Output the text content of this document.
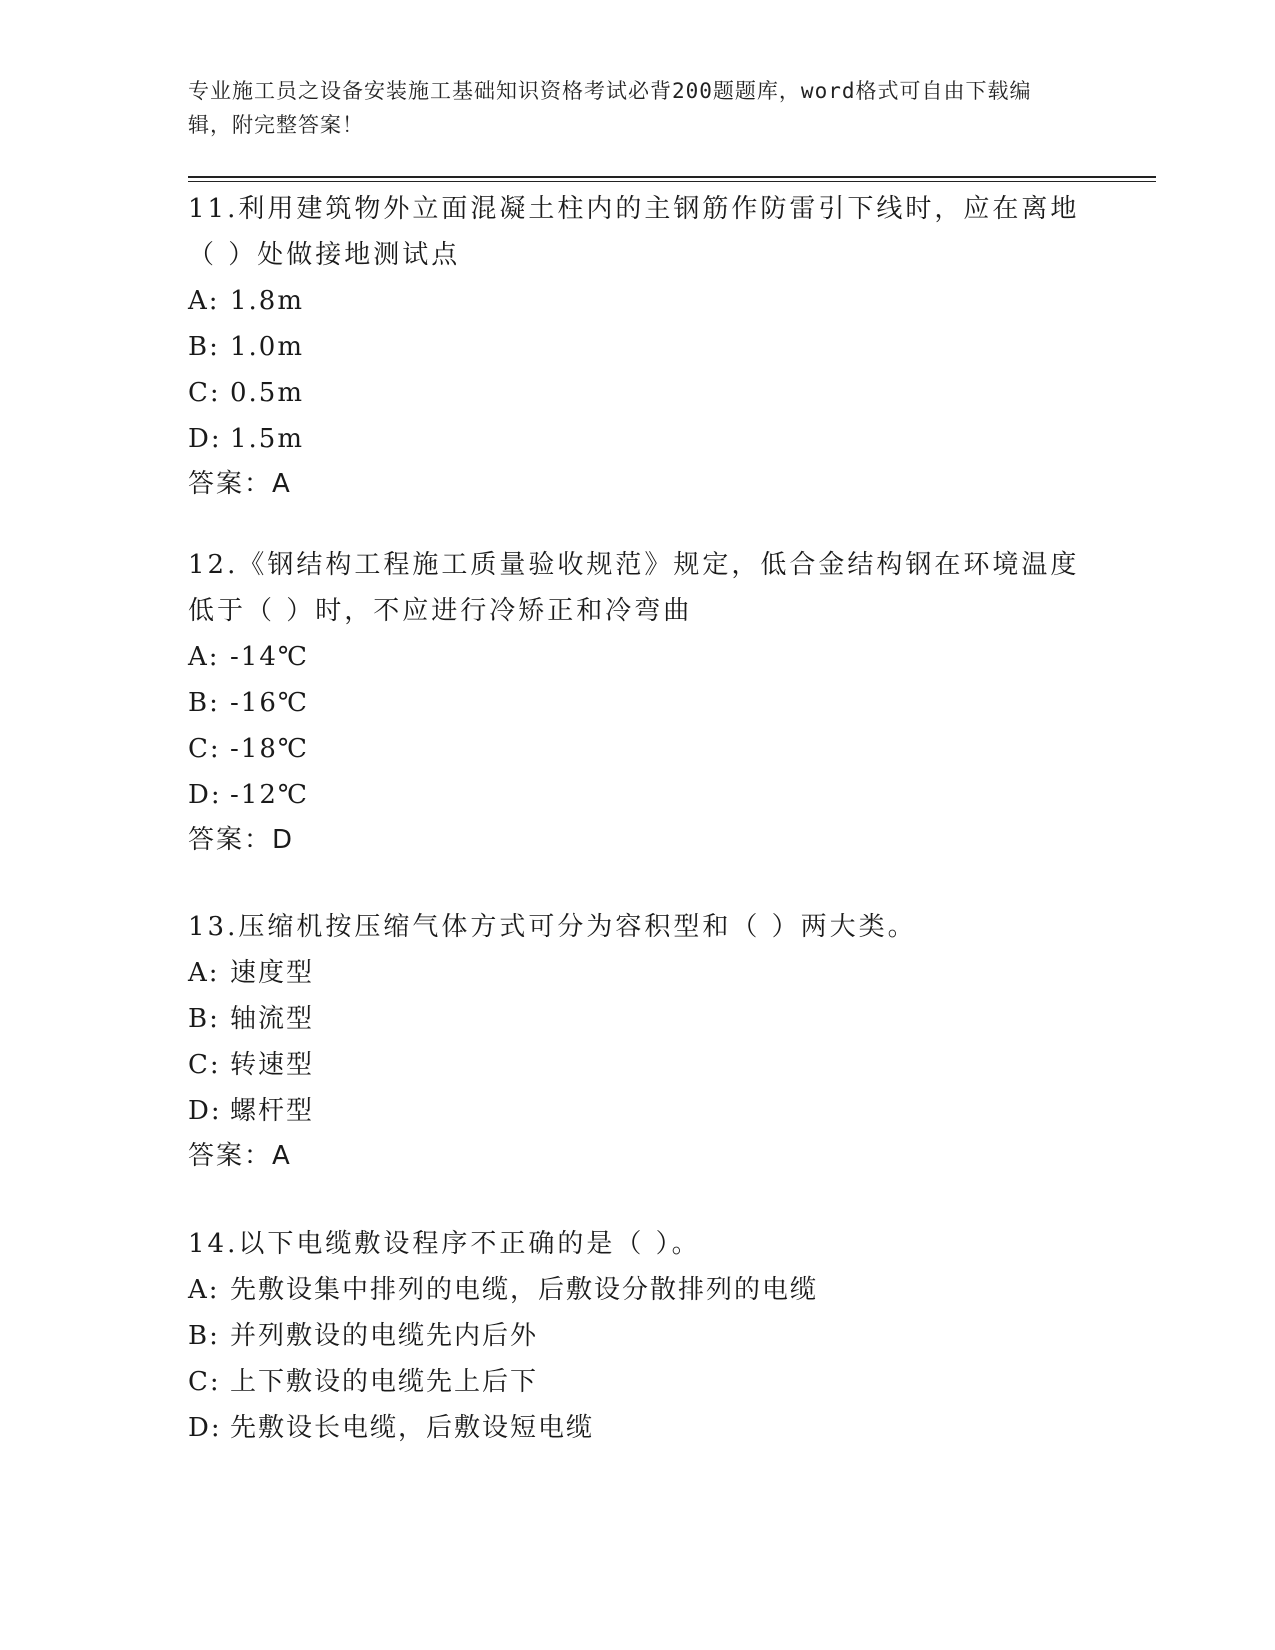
专业施工员之设备安装施工基础知识资格考试必背200题题库，word格式可自由下载编辑，附完整答案！

11.利用建筑物外立面混凝土柱内的主钢筋作防雷引下线时，应在离地（ ）处做接地测试点

A: 1.8m

B: 1.0m

C: 0.5m

D: 1.5m

答案：A

12.《钢结构工程施工质量验收规范》规定，低合金结构钢在环境温度低于（ ）时，不应进行冷矫正和冷弯曲

A: -14℃

B: -16℃

C: -18℃

D: -12℃

答案：D

13.压缩机按压缩气体方式可分为容积型和（ ）两大类。

A: 速度型

B: 轴流型

C: 转速型

D: 螺杆型

答案：A

14.以下电缆敷设程序不正确的是（ ）。

A: 先敷设集中排列的电缆，后敷设分散排列的电缆

B: 并列敷设的电缆先内后外

C: 上下敷设的电缆先上后下

D: 先敷设长电缆，后敷设短电缆
